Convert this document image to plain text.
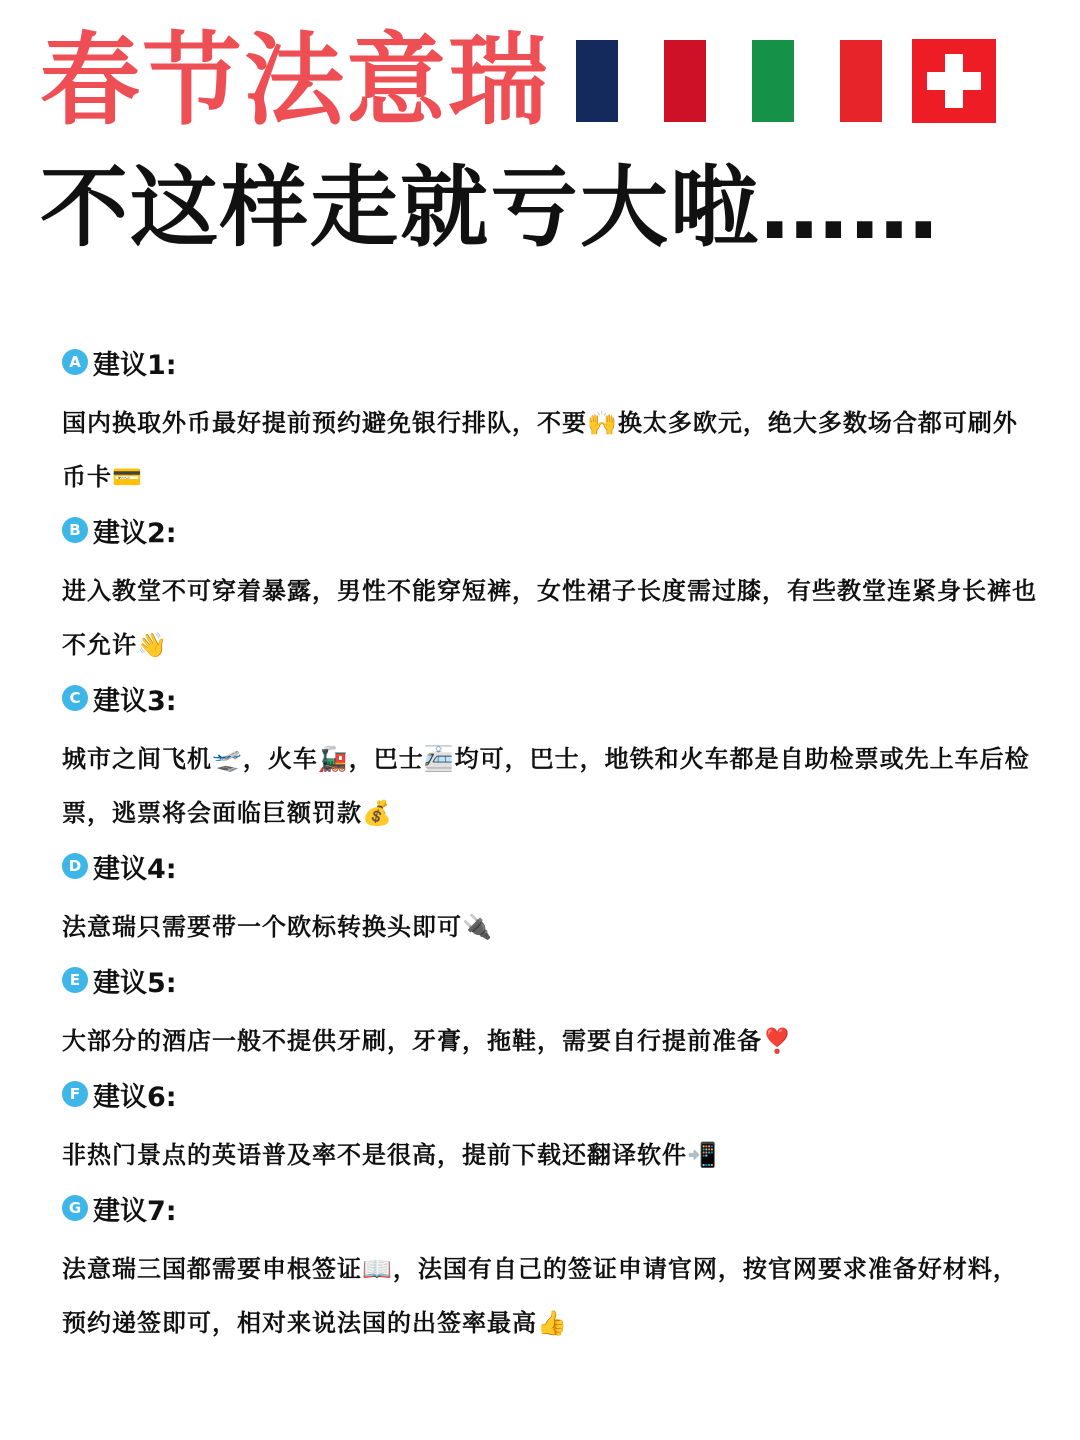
春节法意瑞
不这样走就亏大啦……
A 建议1:

国内换取外币最好提前预约避免银行排队，不要🙌换太多欧元，绝大多数场合都可刷外币卡💳

B 建议2:

进入教堂不可穿着暴露，男性不能穿短裤，女性裙子长度需过膝，有些教堂连紧身长裤也不允许👋

C 建议3:

城市之间飞机🛫，火车🚂，巴士🚈均可，巴士，地铁和火车都是自助检票或先上车后检票，逃票将会面临巨额罚款💰

D 建议4:

法意瑞只需要带一个欧标转换头即可🔌

E 建议5:

大部分的酒店一般不提供牙刷，牙膏，拖鞋，需要自行提前准备❣️

F 建议6:

非热门景点的英语普及率不是很高，提前下载还翻译软件📲

G 建议7:

法意瑞三国都需要申根签证📖，法国有自己的签证申请官网，按官网要求准备好材料，预约递签即可，相对来说法国的出签率最高👍
